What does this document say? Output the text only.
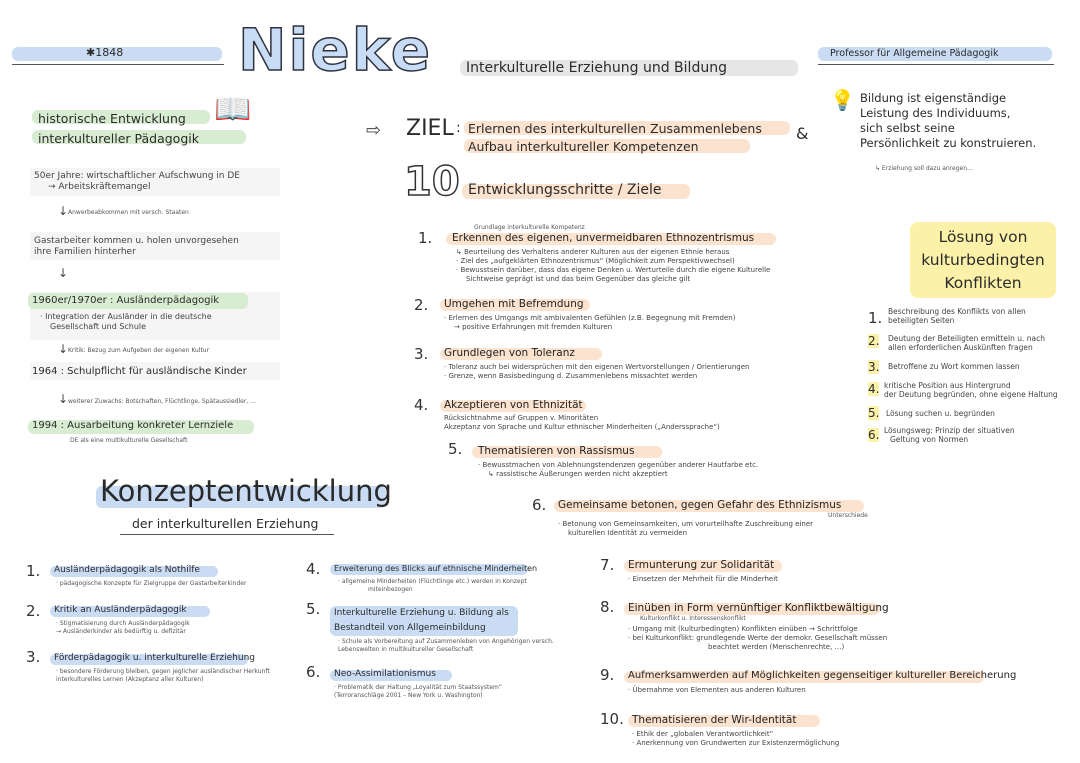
✱1848 Nieke Interkulturelle Erziehung und Bildung
Professor für Allgemeine Pädagogik
💡 Bildung ist eigenständige
Leistung des Individuums,
sich selbst seine
Persönlichkeit zu konstruieren.
↳ Erziehung soll dazu anregen…
historische Entwicklung
interkultureller Pädagogik
📖
50er Jahre: wirtschaftlicher Aufschwung in DE
→ Arbeitskräftemangel
↓ Anwerbeabkommen mit versch. Staaten
Gastarbeiter kommen u. holen unvorgesehen
ihre Familien hinterher
↓
1960er/1970er : Ausländerpädagogik
· Integration der Ausländer in die deutsche
Gesellschaft und Schule
↓ Kritik: Bezug zum Aufgeben der eigenen Kultur
1964 : Schulpflicht für ausländische Kinder
↓ weiterer Zuwachs: Botschaften, Flüchtlinge, Spätaussiedler, …
1994 : Ausarbeitung konkreter Lernziele
DE als eine multikulturelle Gesellschaft
⇨ ZIEL : Erlernen des interkulturellen Zusammenlebens
Aufbau interkultureller Kompetenzen
&
10 Entwicklungsschritte / Ziele
Grundlage interkulturelle Kompetenz
1. Erkennen des eigenen, unvermeidbaren Ethnozentrismus
↳ Beurteilung des Verhaltens anderer Kulturen aus der eigenen Ethnie heraus
· Ziel des „aufgeklärten Ethnozentrismus“ (Möglichkeit zum Perspektivwechsel)
· Bewusstsein darüber, dass das eigene Denken u. Werturteile durch die eigene Kulturelle
Sichtweise geprägt ist und das beim Gegenüber das gleiche gilt
2. Umgehen mit Befremdung
· Erlernen des Umgangs mit ambivalenten Gefühlen (z.B. Begegnung mit Fremden)
→ positive Erfahrungen mit fremden Kulturen
3. Grundlegen von Toleranz
· Toleranz auch bei widersprüchen mit den eigenen Wertvorstellungen / Orientierungen
· Grenze, wenn Basisbedingung d. Zusammenlebens missachtet werden
4. Akzeptieren von Ethnizität
Rücksichtnahme auf Gruppen v. Minoritäten
Akzeptanz von Sprache und Kultur ethnischer Minderheiten („Anderssprache“)
5. Thematisieren von Rassismus
· Bewusstmachen von Ablehnungstendenzen gegenüber anderer Hautfarbe etc.
↳ rassistische Äußerungen werden nicht akzeptiert
6. Gemeinsame betonen, gegen Gefahr des Ethnizismus
Unterschiede
· Betonung von Gemeinsamkeiten, um vorurteilhafte Zuschreibung einer
kulturellen Identität zu vermeiden
7. Ermunterung zur Solidarität
· Einsetzen der Mehrheit für die Minderheit
8. Einüben in Form vernünftiger Konfliktbewältigung
Kulturkonflikt u. Interessenskonflikt
· Umgang mit (kulturbedingten) Konflikten einüben → Schrittfolge
· bei Kulturkonflikt: grundlegende Werte der demokr. Gesellschaft müssen
beachtet werden (Menschenrechte, …)
9. Aufmerksamwerden auf Möglichkeiten gegenseitiger kultureller Bereicherung
· Übernahme von Elementen aus anderen Kulturen
10. Thematisieren der Wir-Identität
· Ethik der „globalen Verantwortlichkeit“
· Anerkennung von Grundwerten zur Existenzermöglichung
Lösung von
kulturbedingten
Konflikten
1. Beschreibung des Konflikts von allen
beteiligten Seiten
2. Deutung der Beteiligten ermitteln u. nach
allen erforderlichen Auskünften fragen
3. Betroffene zu Wort kommen lassen
4. kritische Position aus Hintergrund
der Deutung begründen, ohne eigene Haltung
5. Lösung suchen u. begründen
6. Lösungsweg: Prinzip der situativen
Geltung von Normen
Konzeptentwicklung
der interkulturellen Erziehung
1. Ausländerpädagogik als Nothilfe
· pädagogische Konzepte für Zielgruppe der Gastarbeiterkinder
2. Kritik an Ausländerpädagogik
· Stigmatisierung durch Ausländerpädagogik
→ Ausländerkinder als bedürftig u. defizitär
3. Förderpädagogik u. interkulturelle Erziehung
· besondere Förderung bleiben, gegen jeglicher ausländischer Herkunft
interkulturelles Lernen (Akzeptanz aller Kulturen)
4. Erweiterung des Blicks auf ethnische Minderheiten
· allgemeine Minderheiten (Flüchtlinge etc.) werden in Konzept
miteinbezogen
5. Interkulturelle Erziehung u. Bildung als
Bestandteil von Allgemeinbildung
· Schule als Vorbereitung auf Zusammenleben von Angehörigen versch.
Lebenswelten in multikultureller Gesellschaft
6. Neo-Assimilationismus
· Problematik der Haltung „Loyalität zum Staatssystem“
(Terroranschläge 2001 – New York u. Washington)
